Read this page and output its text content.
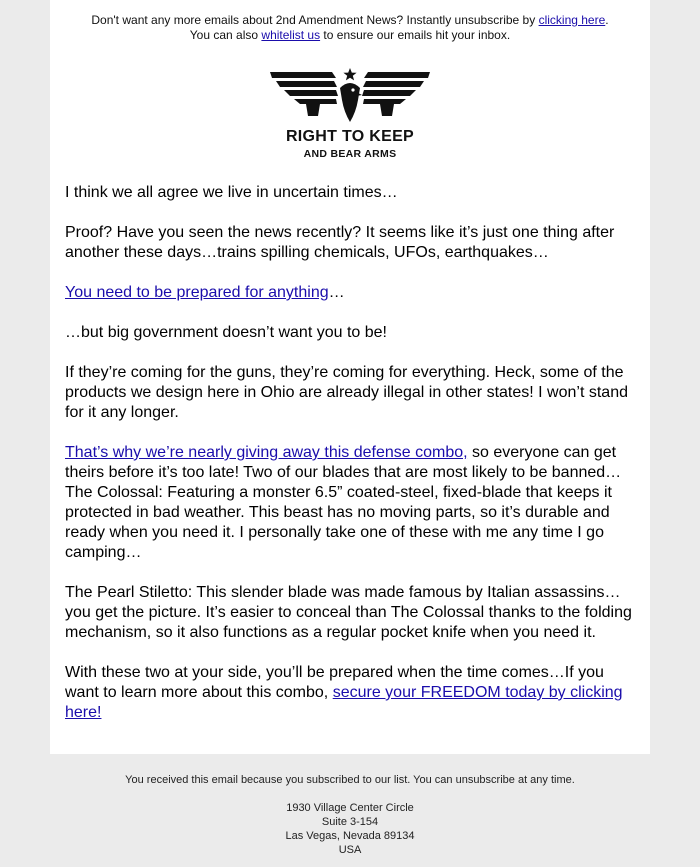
Don't want any more emails about 2nd Amendment News? Instantly unsubscribe by clicking here.
You can also whitelist us to ensure our emails hit your inbox.
RIGHT TO KEEP
AND BEAR ARMS

I think we all agree we live in uncertain times…

Proof? Have you seen the news recently? It seems like it’s just one thing after another these days…trains spilling chemicals, UFOs, earthquakes…

You need to be prepared for anything…

…but big government doesn’t want you to be!

If they’re coming for the guns, they’re coming for everything. Heck, some of the products we design here in Ohio are already illegal in other states! I won’t stand for it any longer.

That’s why we’re nearly giving away this defense combo, so everyone can get theirs before it’s too late! Two of our blades that are most likely to be banned… The Colossal: Featuring a monster 6.5” coated-steel, fixed-blade that keeps it protected in bad weather. This beast has no moving parts, so it’s durable and ready when you need it. I personally take one of these with me any time I go camping…

The Pearl Stiletto: This slender blade was made famous by Italian assassins… you get the picture. It’s easier to conceal than The Colossal thanks to the folding mechanism, so it also functions as a regular pocket knife when you need it.

With these two at your side, you’ll be prepared when the time comes…If you want to learn more about this combo, secure your FREEDOM today by clicking here!

You received this email because you subscribed to our list. You can unsubscribe at any time.
1930 Village Center Circle
Suite 3-154
Las Vegas, Nevada 89134
USA
